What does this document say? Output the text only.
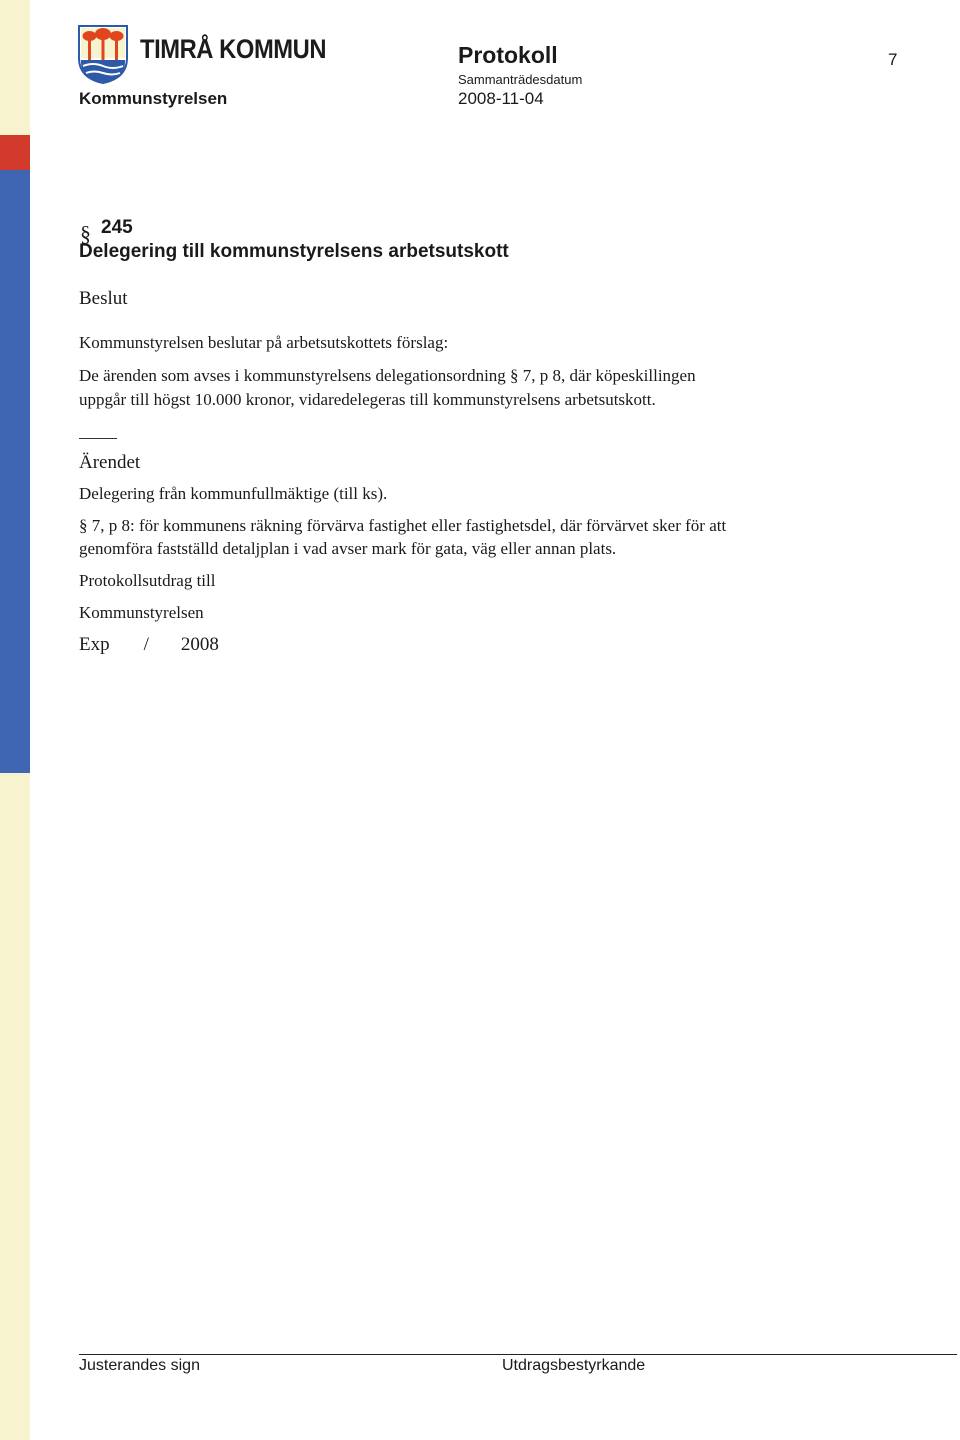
TIMRÅ KOMMUN
Kommunstyrelsen
Protokoll
Sammanträdesdatum
2008-11-04
7
§ 245
Delegering till kommunstyrelsens arbetsutskott
Beslut
Kommunstyrelsen beslutar på arbetsutskottets förslag:
De ärenden som avses i kommunstyrelsens delegationsordning § 7, p 8, där köpeskillingen
uppgår till högst 10.000 kronor, vidaredelegeras till kommunstyrelsens arbetsutskott.
Ärendet
Delegering från kommunfullmäktige (till ks).
§ 7, p 8: för kommunens räkning förvärva fastighet eller fastighetsdel, där förvärvet sker för att
genomföra fastställd detaljplan i vad avser mark för gata, väg eller annan plats.
Protokollsutdrag till
Kommunstyrelsen
Exp / 2008
Justerandes sign	Utdragsbestyrkande
